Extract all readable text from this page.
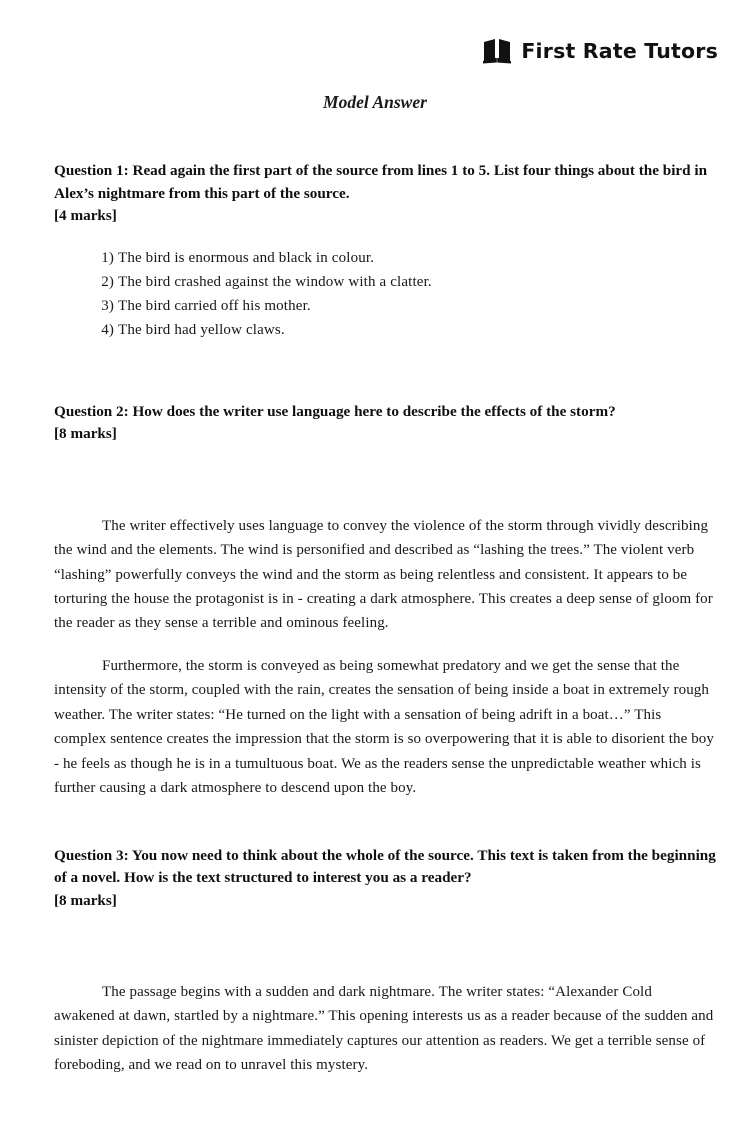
First Rate Tutors
Model Answer

Question 1: Read again the first part of the source from lines 1 to 5. List four things about the bird in Alex’s nightmare from this part of the source.

[4 marks]

The bird is enormous and black in colour.
The bird crashed against the window with a clatter.
The bird carried off his mother.
The bird had yellow claws.

Question 2: How does the writer use language here to describe the effects of the storm?

[8 marks]

The writer effectively uses language to convey the violence of the storm through vividly describing the wind and the elements. The wind is personified and described as “lashing the trees.” The violent verb “lashing” powerfully conveys the wind and the storm as being relentless and consistent. It appears to be torturing the house the protagonist is in - creating a dark atmosphere. This creates a deep sense of gloom for the reader as they sense a terrible and ominous feeling.

Furthermore, the storm is conveyed as being somewhat predatory and we get the sense that the intensity of the storm, coupled with the rain, creates the sensation of being inside a boat in extremely rough weather. The writer states: “He turned on the light with a sensation of being adrift in a boat…” This complex sentence creates the impression that the storm is so overpowering that it is able to disorient the boy - he feels as though he is in a tumultuous boat. We as the readers sense the unpredictable weather which is further causing a dark atmosphere to descend upon the boy.

Question 3: You now need to think about the whole of the source. This text is taken from the beginning of a novel. How is the text structured to interest you as a reader?

[8 marks]

The passage begins with a sudden and dark nightmare. The writer states: “Alexander Cold awakened at dawn, startled by a nightmare.” This opening interests us as a reader because of the sudden and sinister depiction of the nightmare immediately captures our attention as readers. We get a terrible sense of foreboding, and we read on to unravel this mystery.
